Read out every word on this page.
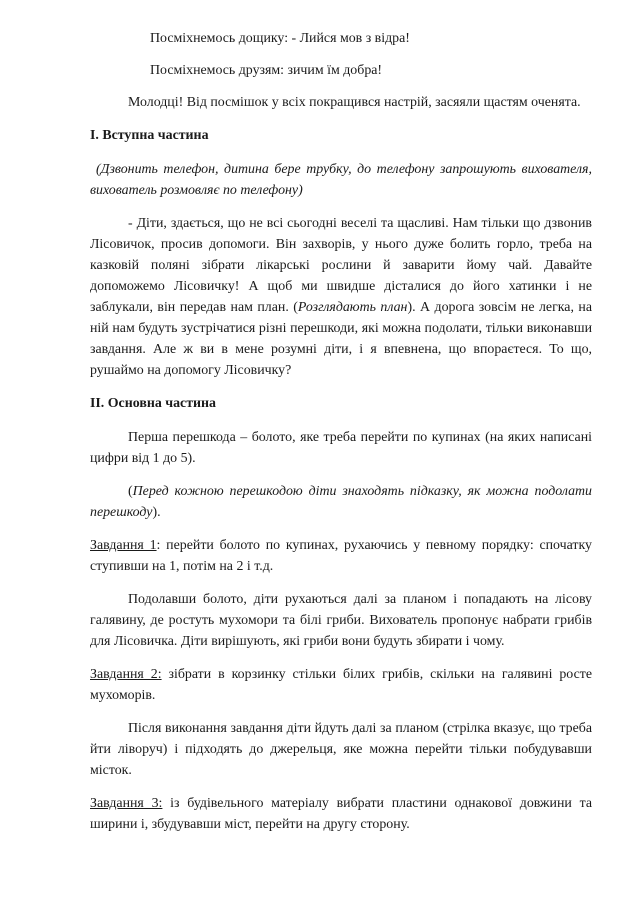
Посміхнемось дощику: - Лийся мов з відра!

Посміхнемось друзям: зичим їм добра!

Молодці! Від посмішок у всіх покращився настрій, засяяли щастям оченята.

І. Вступна частина

(Дзвонить телефон, дитина бере трубку, до телефону запрошують вихователя, вихователь розмовляє по телефону)

- Діти, здається, що не всі сьогодні веселі та щасливі. Нам тільки що дзвонив Лісовичок, просив допомоги. Він захворів, у нього дуже болить горло, треба на казковій поляні зібрати лікарські рослини й заварити йому чай. Давайте допоможемо Лісовичку! А щоб ми швидше дісталися до його хатинки і не заблукали, він передав нам план. (Розглядають план). А дорога зовсім не легка, на ній нам будуть зустрічатися різні перешкоди, які можна подолати, тільки виконавши завдання. Але ж ви в мене розумні діти, і я впевнена, що впораєтеся. То що, рушаймо на допомогу Лісовичку?

ІІ. Основна частина

Перша перешкода – болото, яке треба перейти по купинах (на яких написані цифри від 1 до 5).

(Перед кожною перешкодою діти знаходять підказку, як можна подолати перешкоду).

Завдання 1: перейти болото по купинах, рухаючись у певному порядку: спочатку ступивши на 1, потім на 2 і т.д.

Подолавши болото, діти рухаються далі за планом і попадають на лісову галявину, де ростуть мухомори та білі гриби. Вихователь пропонує набрати грибів для Лісовичка. Діти вирішують, які гриби вони будуть збирати і чому.

Завдання 2: зібрати в корзинку стільки білих грибів, скільки на галявині росте мухоморів.

Після виконання завдання діти йдуть далі за планом (стрілка вказує, що треба йти ліворуч) і підходять до джерельця, яке можна перейти тільки побудувавши місток.

Завдання 3: із будівельного матеріалу вибрати пластини однакової довжини та ширини і, збудувавши міст, перейти на другу сторону.
